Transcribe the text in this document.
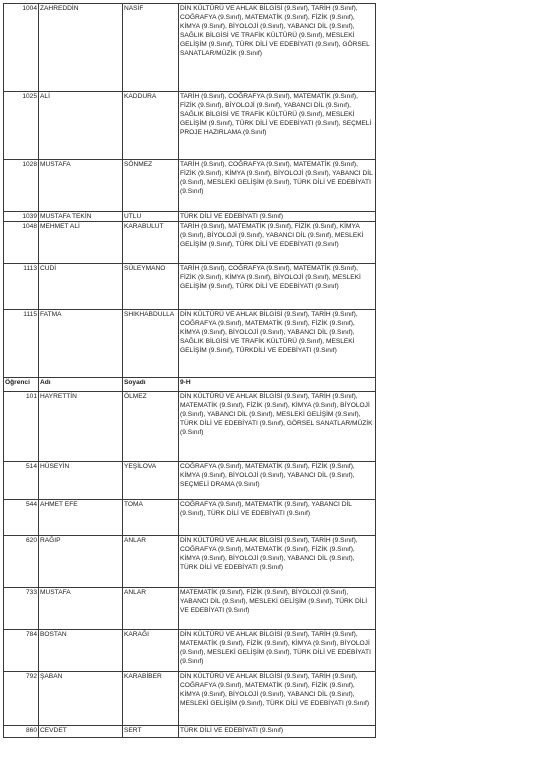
1004	ZAHREDDİN	NASİF	DİN KÜLTÜRÜ VE AHLAK BİLGİSİ (9.Sınıf), TARİH (9.Sınıf), COĞRAFYA (9.Sınıf), MATEMATİK (9.Sınıf), FİZİK (9.Sınıf), KİMYA (9.Sınıf), BİYOLOJİ (9.Sınıf), YABANCI DİL (9.Sınıf), SAĞLIK BİLGİSİ VE TRAFİK KÜLTÜRÜ (9.Sınıf), MESLEKİ GELİŞİM (9.Sınıf), TÜRK DİLİ VE EDEBİYATI (9.Sınıf), GÖRSEL SANATLAR/MÜZİK (9.Sınıf)
1025	ALİ	KADDURA	TARİH (9.Sınıf), COĞRAFYA (9.Sınıf), MATEMATİK (9.Sınıf), FİZİK (9.Sınıf), BİYOLOJİ (9.Sınıf), YABANCI DİL (9.Sınıf), SAĞLIK BİLGİSİ VE TRAFİK KÜLTÜRÜ (9.Sınıf), MESLEKİ GELİŞİM (9.Sınıf), TÜRK DİLİ VE EDEBİYATI (9.Sınıf), SEÇMELİ PROJE HAZIRLAMA (9.Sınıf)
1028	MUSTAFA	SÖNMEZ	TARİH (9.Sınıf), COĞRAFYA (9.Sınıf), MATEMATİK (9.Sınıf), FİZİK (9.Sınıf), KİMYA (9.Sınıf), BİYOLOJİ (9.Sınıf), YABANCI DİL (9.Sınıf), MESLEKİ GELİŞİM (9.Sınıf), TÜRK DİLİ VE EDEBİYATI (9.Sınıf)
1039	MUSTAFA TEKİN	UTLU	TÜRK DİLİ VE EDEBİYATI (9.Sınıf)
1048	MEHMET ALİ	KARABULUT	TARİH (9.Sınıf), MATEMATİK (9.Sınıf), FİZİK (9.Sınıf), KİMYA (9.Sınıf), BİYOLOJİ (9.Sınıf), YABANCI DİL (9.Sınıf), MESLEKİ GELİŞİM (9.Sınıf), TÜRK DİLİ VE EDEBİYATI (9.Sınıf)
1113	CUDİ	SÜLEYMANO	TARİH (9.Sınıf), COĞRAFYA (9.Sınıf), MATEMATİK (9.Sınıf), FİZİK (9.Sınıf), KİMYA (9.Sınıf), BİYOLOJİ (9.Sınıf), MESLEKİ GELİŞİM (9.Sınıf), TÜRK DİLİ VE EDEBİYATI (9.Sınıf)
1115	FATMA	SHIKHABDULLA	DİN KÜLTÜRÜ VE AHLAK BİLGİSİ (9.Sınıf), TARİH (9.Sınıf), COĞRAFYA (9.Sınıf), MATEMATİK (9.Sınıf), FİZİK (9.Sınıf), KİMYA (9.Sınıf), BİYOLOJİ (9.Sınıf), YABANCI DİL (9.Sınıf), SAĞLIK BİLGİSİ VE TRAFİK KÜLTÜRÜ (9.Sınıf), MESLEKİ GELİŞİM (9.Sınıf), TÜRKDİLİ VE EDEBİYATI (9.Sınıf)
Öğrenci	Adı	Soyadı	9-H
101	HAYRETTİN	ÖLMEZ	DİN KÜLTÜRÜ VE AHLAK BİLGİSİ (9.Sınıf), TARİH (9.Sınıf), MATEMATİK (9.Sınıf), FİZİK (9.Sınıf), KİMYA (9.Sınıf), BİYOLOJİ (9.Sınıf), YABANCI DİL (9.Sınıf), MESLEKİ GELİŞİM (9.Sınıf), TÜRK DİLİ VE EDEBİYATI (9.Sınıf), GÖRSEL SANATLAR/MÜZİK (9.Sınıf)
514	HÜSEYİN	YEŞİLOVA	COĞRAFYA (9.Sınıf), MATEMATİK (9.Sınıf), FİZİK (9.Sınıf), KİMYA (9.Sınıf), BİYOLOJİ (9.Sınıf), YABANCI DİL (9.Sınıf), SEÇMELİ DRAMA (9.Sınıf)
544	AHMET EFE	TOMA	COĞRAFYA (9.Sınıf), MATEMATİK (9.Sınıf), YABANCI DİL (9.Sınıf), TÜRK DİLİ VE EDEBİYATI (9.Sınıf)
620	RAĞIP	ANLAR	DİN KÜLTÜRÜ VE AHLAK BİLGİSİ (9.Sınıf), TARİH (9.Sınıf), COĞRAFYA (9.Sınıf), MATEMATİK (9.Sınıf), FİZİK (9.Sınıf), KİMYA (9.Sınıf), BİYOLOJİ (9.Sınıf), YABANCI DİL (9.Sınıf), TÜRK DİLİ VE EDEBİYATI (9.Sınıf)
733	MUSTAFA	ANLAR	MATEMATİK (9.Sınıf), FİZİK (9.Sınıf), BİYOLOJİ (9.Sınıf), YABANCI DİL (9.Sınıf), MESLEKİ GELİŞİM (9.Sınıf), TÜRK DİLİ VE EDEBİYATI (9.Sınıf)
784	BOSTAN	KARAĞI	DİN KÜLTÜRÜ VE AHLAK BİLGİSİ (9.Sınıf), TARİH (9.Sınıf), MATEMATİK (9.Sınıf), FİZİK (9.Sınıf), KİMYA (9.Sınıf), BİYOLOJİ (9.Sınıf), MESLEKİ GELİŞİM (9.Sınıf), TÜRK DİLİ VE EDEBİYATI (9.Sınıf)
792	ŞABAN	KARABİBER	DİN KÜLTÜRÜ VE AHLAK BİLGİSİ (9.Sınıf), TARİH (9.Sınıf), COĞRAFYA (9.Sınıf), MATEMATİK (9.Sınıf), FİZİK (9.Sınıf), KİMYA (9.Sınıf), BİYOLOJİ (9.Sınıf), YABANCI DİL (9.Sınıf), MESLEKİ GELİŞİM (9.Sınıf), TÜRK DİLİ VE EDEBİYATI (9.Sınıf)
860	CEVDET	SERT	TÜRK DİLİ VE EDEBİYATI (9.Sınıf)
